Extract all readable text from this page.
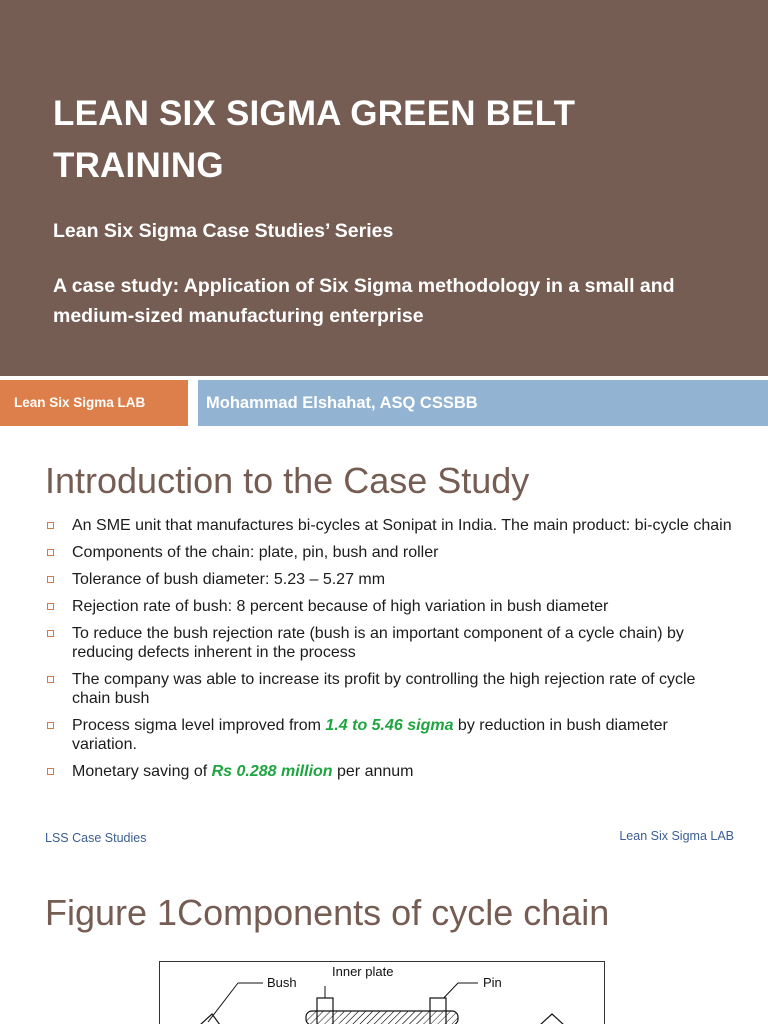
LEAN SIX SIGMA GREEN BELT TRAINING

Lean Six Sigma Case Studies’ Series

A case study: Application of Six Sigma methodology in a small and medium-sized manufacturing enterprise

Lean Six Sigma LAB	Mohammad Elshahat, ASQ CSSBB
Introduction to the Case Study
An SME unit that manufactures bi-cycles at Sonipat in India. The main product: bi-cycle chain
Components of the chain: plate, pin, bush and roller
Tolerance of bush diameter: 5.23 – 5.27 mm
Rejection rate of bush: 8 percent because of high variation in bush diameter
To reduce the bush rejection rate (bush is an important component of a cycle chain) by reducing defects inherent in the process
The company was able to increase its profit by controlling the high rejection rate of cycle chain bush
Process sigma level improved from 1.4 to 5.46 sigma by reduction in bush diameter variation.
Monetary saving of Rs 0.288 million per annum
LSS Case Studies	Lean Six Sigma LAB
Figure 1Components of cycle chain
Bush
Inner plate
Pin
